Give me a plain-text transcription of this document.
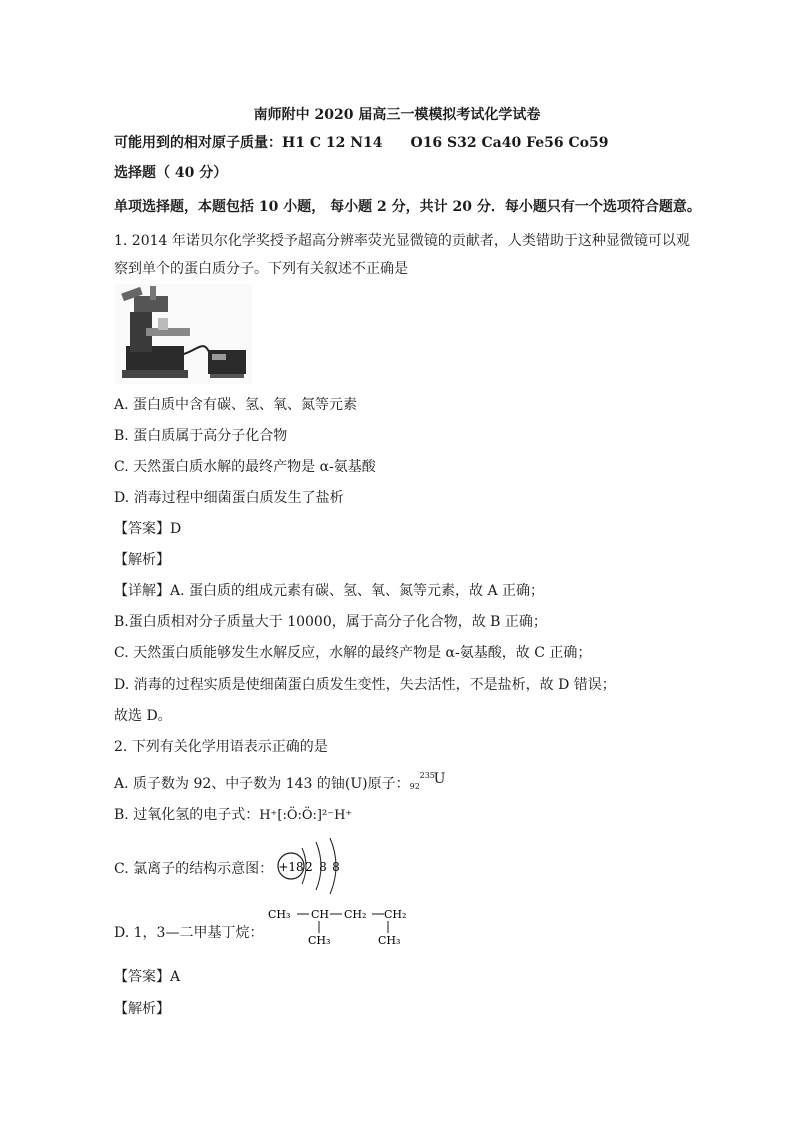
南师附中 2020 届高三一模模拟考试化学试卷
可能用到的相对原子质量：H1 C 12 N14　　O16 S32 Ca40 Fe56 Co59
选择题（ 40 分）
单项选择题，本题包括 10 小题， 每小题 2 分，共计 20 分．每小题只有一个选项符合题意。
1. 2014 年诺贝尔化学奖授予超高分辨率荧光显微镜的贡献者，人类错助于这种显微镜可以观
察到单个的蛋白质分子。下列有关叙述不正确是
A. 蛋白质中含有碳、氢、氧、氮等元素
B. 蛋白质属于高分子化合物
C. 天然蛋白质水解的最终产物是 α-氨基酸
D. 消毒过程中细菌蛋白质发生了盐析
【答案】D
【解析】
【详解】A. 蛋白质的组成元素有碳、氢、氧、氮等元素，故 A 正确；
B.蛋白质相对分子质量大于 10000，属于高分子化合物，故 B 正确；
C. 天然蛋白质能够发生水解反应，水解的最终产物是 α-氨基酸，故 C 正确；
D. 消毒的过程实质是使细菌蛋白质发生变性，失去活性，不是盐析，故 D 错误；
故选 D。
2. 下列有关化学用语表示正确的是
A. 质子数为 92、中子数为 143 的铀(U)原子： 92
235
U
B. 过氧化氢的电子式：H⁺[:Ö:Ö:]²⁻H⁺
C. 氯离子的结构示意图： +18 2 8 8
D. 1，3—二甲基丁烷：
CH₃ CH CH₂ CH₂
CH₃	CH₃
【答案】A
【解析】
